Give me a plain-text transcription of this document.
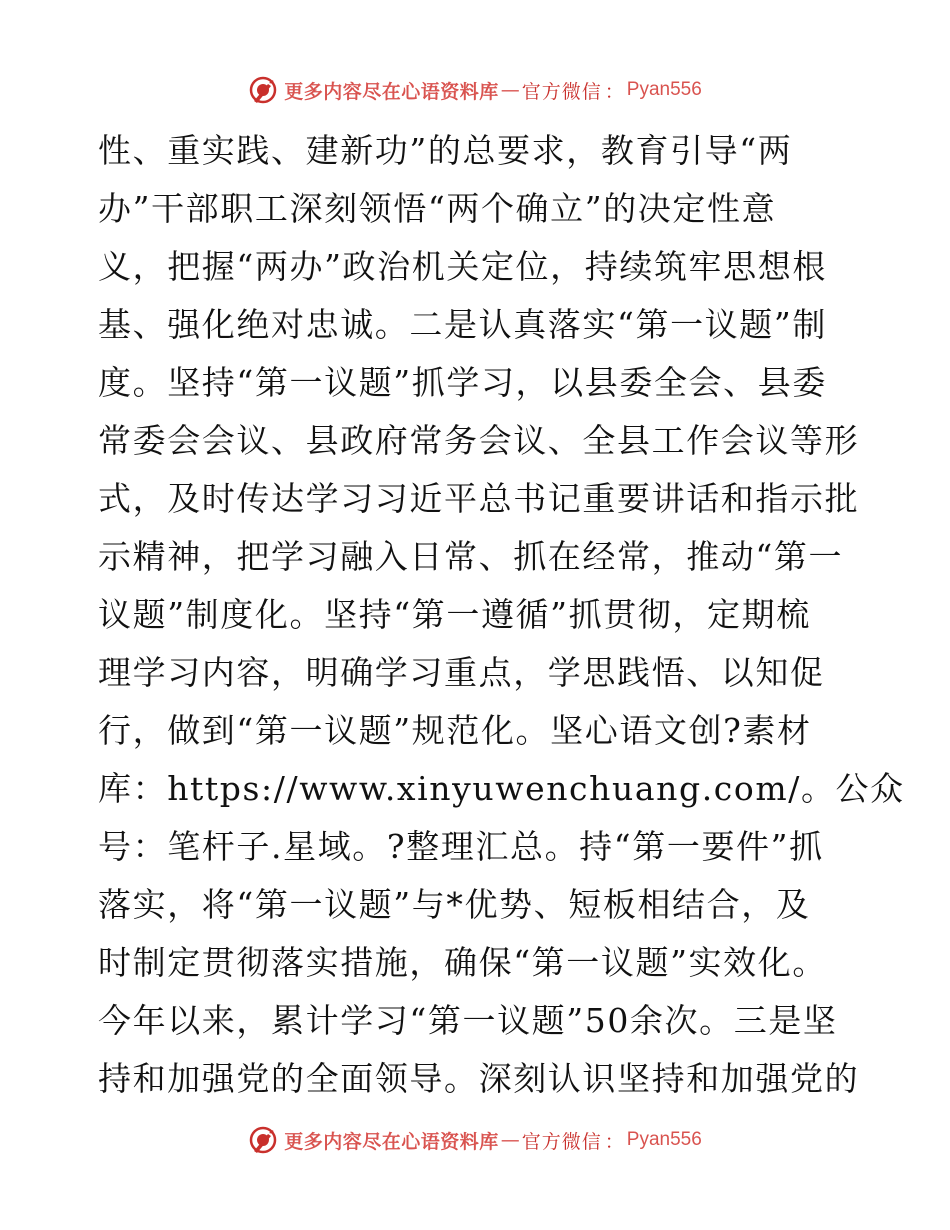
更多内容尽在心语资料库 — 官方微信 ： Pyan556
性、重实践、建新功”的总要求，教育引导“两
办”干部职工深刻领悟“两个确立”的决定性意
义，把握“两办”政治机关定位，持续筑牢思想根
基、强化绝对忠诚。二是认真落实“第一议题”制
度。坚持“第一议题”抓学习，以县委全会、县委
常委会会议、县政府常务会议、全县工作会议等形
式，及时传达学习习近平总书记重要讲话和指示批
示精神，把学习融入日常、抓在经常，推动“第一
议题”制度化。坚持“第一遵循”抓贯彻，定期梳
理学习内容，明确学习重点，学思践悟、以知促
行，做到“第一议题”规范化。坚心语文创?素材
库：https://www.xinyuwenchuang.com/。公众
号：笔杆子.星域。?整理汇总。持“第一要件”抓
落实，将“第一议题”与*优势、短板相结合，及
时制定贯彻落实措施，确保“第一议题”实效化。
今年以来，累计学习“第一议题”50余次。三是坚
持和加强党的全面领导。深刻认识坚持和加强党的
更多内容尽在心语资料库 — 官方微信 ： Pyan556
